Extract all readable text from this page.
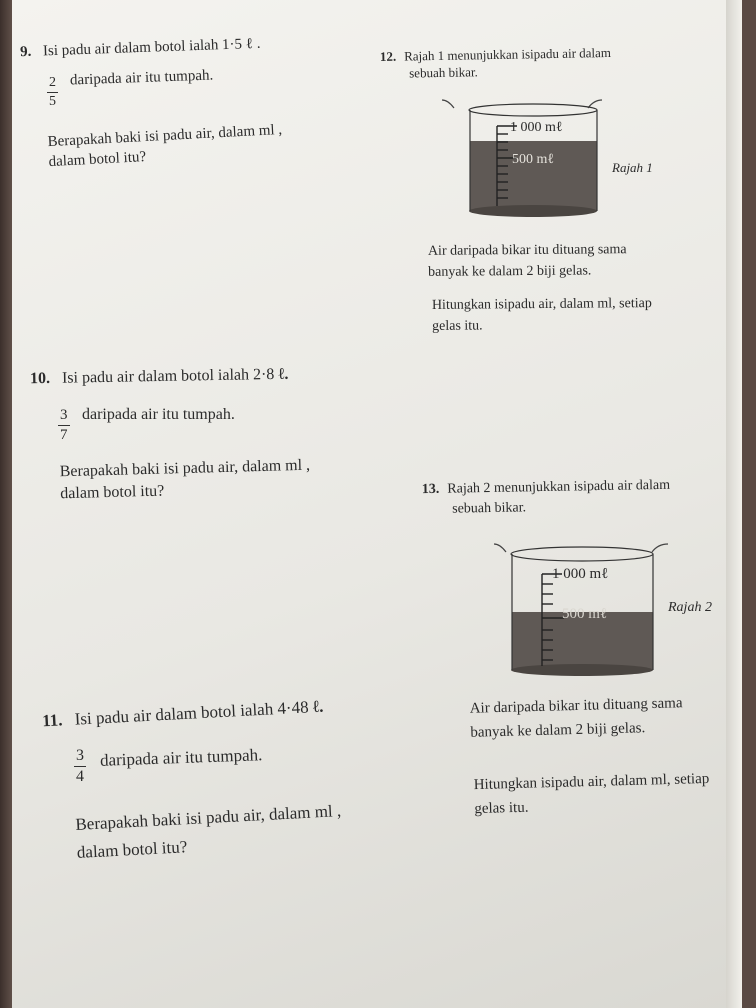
9. Isi padu air dalam botol ialah 1·5 ℓ .
$\frac{2}{5}$ daripada air itu tumpah.
Berapakah baki isi padu air, dalam ml ,
dalam botol itu?
12. Rajah 1 menunjukkan isipadu air dalam
sebuah bikar.
1 000 mℓ
500 mℓ
Rajah 1
Air daripada bikar itu dituang sama
banyak ke dalam 2 biji gelas.
Hitungkan isipadu air, dalam ml, setiap
gelas itu.
10. Isi padu air dalam botol ialah 2·8 ℓ.
$\frac{3}{7}$ daripada air itu tumpah.
Berapakah baki isi padu air, dalam ml ,
dalam botol itu?	13. Rajah 2 menunjukkan isipadu air dalam
sebuah bikar.
1 000 mℓ
500 mℓ	Rajah 2
Air daripada bikar itu dituang sama
banyak ke dalam 2 biji gelas.
Hitungkan isipadu air, dalam ml, setiap
gelas itu.
11. Isi padu air dalam botol ialah 4·48 ℓ.
$\frac{3}{4}$ daripada air itu tumpah.
Berapakah baki isi padu air, dalam ml ,
dalam botol itu?
